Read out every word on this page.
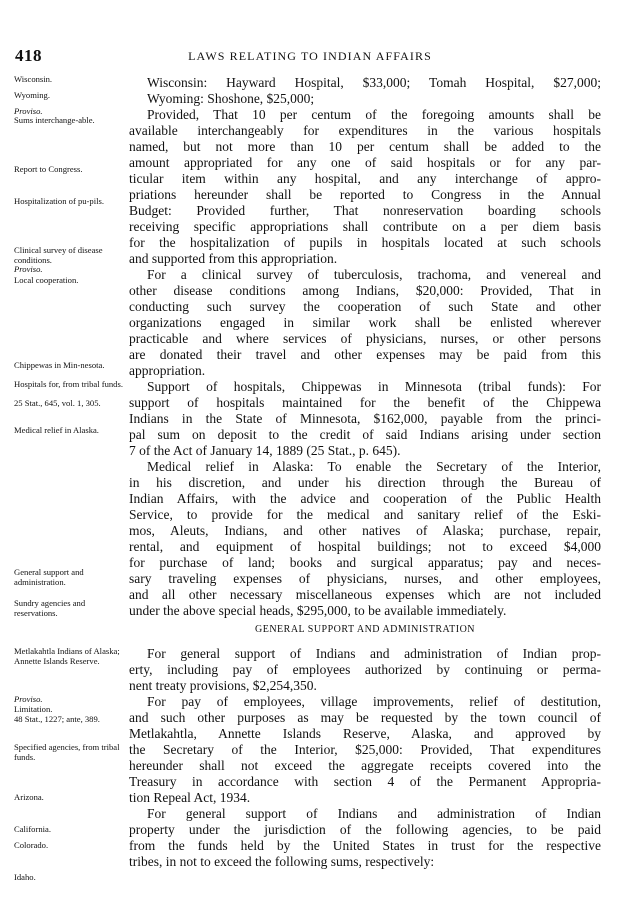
418	LAWS RELATING TO INDIAN AFFAIRS
Wisconsin.
Wyoming.
Proviso.
Sums interchange-able.
Report to Congress.
Hospitalization of pu-pils.
Clinical survey of disease conditions.
Proviso.
Local cooperation.
Chippewas in Min-nesota.
Hospitals for, from tribal funds.
25 Stat., 645, vol. 1, 305.
Medical relief in Alaska.
General support and administration.
Sundry agencies and reservations.
Metlakahtla Indians of Alaska; Annette Islands Reserve.
Proviso.
Limitation.
48 Stat., 1227; ante, 389.
Specified agencies, from tribal funds.
Arizona.
California.
Colorado.
Idaho.
Wisconsin: Hayward Hospital, $33,000; Tomah Hospital, $27,000;
Wyoming: Shoshone, $25,000;
Provided, That 10 per centum of the foregoing amounts shall be
available interchangeably for expenditures in the various hospitals
named, but not more than 10 per centum shall be added to the
amount appropriated for any one of said hospitals or for any par-
ticular item within any hospital, and any interchange of appro-
priations hereunder shall be reported to Congress in the Annual
Budget: Provided further, That nonreservation boarding schools
receiving specific appropriations shall contribute on a per diem basis
for the hospitalization of pupils in hospitals located at such schools
and supported from this appropriation.
For a clinical survey of tuberculosis, trachoma, and venereal and
other disease conditions among Indians, $20,000: Provided, That in
conducting such survey the cooperation of such State and other
organizations engaged in similar work shall be enlisted wherever
practicable and where services of physicians, nurses, or other persons
are donated their travel and other expenses may be paid from this
appropriation.
Support of hospitals, Chippewas in Minnesota (tribal funds): For
support of hospitals maintained for the benefit of the Chippewa
Indians in the State of Minnesota, $162,000, payable from the princi-
pal sum on deposit to the credit of said Indians arising under section
7 of the Act of January 14, 1889 (25 Stat., p. 645).
Medical relief in Alaska: To enable the Secretary of the Interior,
in his discretion, and under his direction through the Bureau of
Indian Affairs, with the advice and cooperation of the Public Health
Service, to provide for the medical and sanitary relief of the Eski-
mos, Aleuts, Indians, and other natives of Alaska; purchase, repair,
rental, and equipment of hospital buildings; not to exceed $4,000
for purchase of land; books and surgical apparatus; pay and neces-
sary traveling expenses of physicians, nurses, and other employees,
and all other necessary miscellaneous expenses which are not included
under the above special heads, $295,000, to be available immediately.
GENERAL SUPPORT AND ADMINISTRATION
For general support of Indians and administration of Indian prop-
erty, including pay of employees authorized by continuing or perma-
nent treaty provisions, $2,254,350.
For pay of employees, village improvements, relief of destitution,
and such other purposes as may be requested by the town council of
Metlakahtla, Annette Islands Reserve, Alaska, and approved by
the Secretary of the Interior, $25,000: Provided, That expenditures
hereunder shall not exceed the aggregate receipts covered into the
Treasury in accordance with section 4 of the Permanent Appropria-
tion Repeal Act, 1934.
For general support of Indians and administration of Indian
property under the jurisdiction of the following agencies, to be paid
from the funds held by the United States in trust for the respective
tribes, in not to exceed the following sums, respectively:
